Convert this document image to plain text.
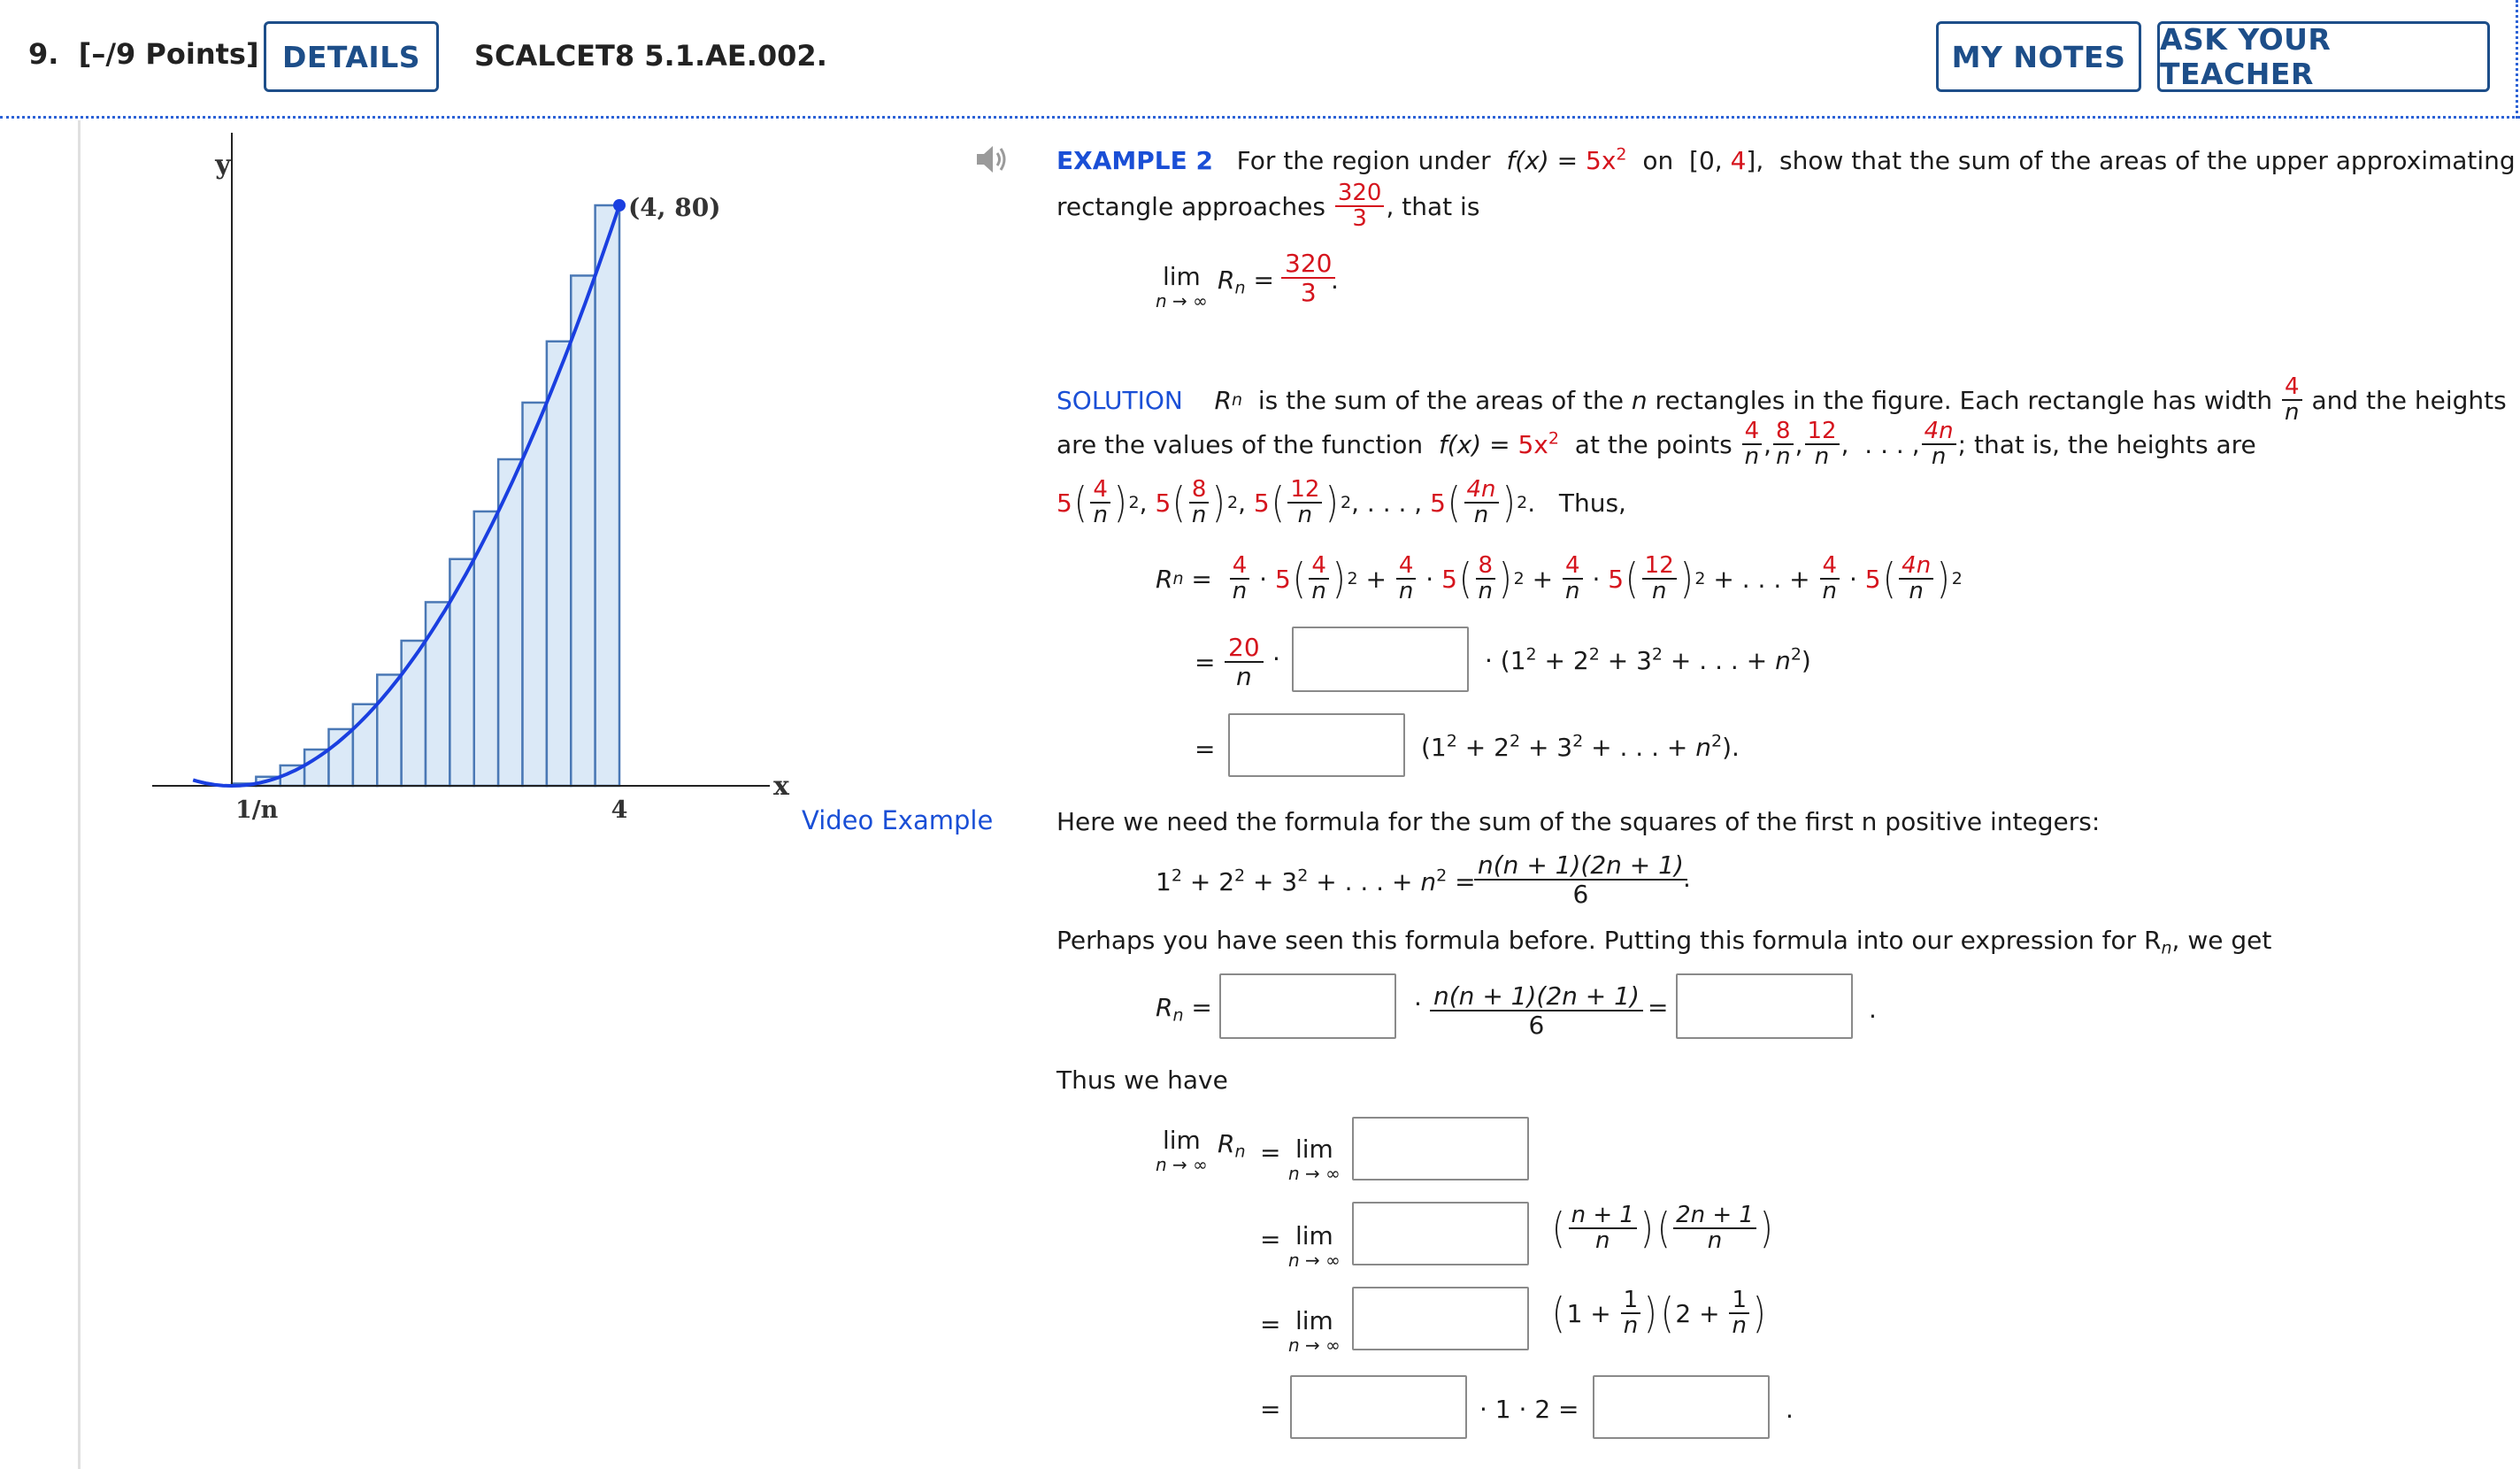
9. [–/9 Points] DETAILS	SCALCET8 5.1.AE.002.	MY NOTES	ASK YOUR TEACHER
y
x
(4, 80)
1/n	4	Video Example
EXAMPLE 2 For the region under $f(x) = 5x^2$ on [0, 4], show that the sum of the areas of the upper approximating
rectangle approaches
$\frac{320}{3}$ , that is
lim
n → ∞
$R_n = \frac{320}{3}$
.
SOLUTION
R n
is the sum of the areas of the
n
rectangles in the figure. Each rectangle has width
$\frac{4}{n}$
and the heights
are the values of the function
f(x) =
$5x^2$
at the points
$\frac{4}{n}$ , $\frac{8}{n}$ , $\frac{12}{n}$ , . . . , $\frac{4n}{n}$ ; that is, the heights are
5 ( $\frac{4}{n}$ ) 2 , 5 ( $\frac{8}{n}$ ) 2 , 5 ( $\frac{12}{n}$ ) 2 , . . . , 5 ( $\frac{4n}{n}$ ) 2 . Thus,
R $n = \frac{4}{n} \cdot 5$ ( $\frac{4}{n}$ ) $2 + \frac{4}{n} \cdot 5$ ( $\frac{8}{n}$ ) $2 + \frac{4}{n} \cdot 5$ ( $\frac{12}{n}$ ) 2
+ . . . +
$\frac{4}{n} \cdot 5$ ( $\frac{4n}{n}$ ) 2
= $\frac{20}{n}$ ·	· ($1^2 + 2^2 + 3^2$ + . . . + $n^2$)
=	($1^2 + 2^2 + 3^2$ + . . . + $n^2$).
Here we need the formula for the sum of the squares of the first n positive integers:
$1^2 + 2^2 + 3^2$ + . . . + $n^2$ =
$\frac{n(n + 1)(2n + 1)}{6}$
.
Perhaps you have seen this formula before. Putting this formula into our expression for $R_n$, we get
$R_n$ =	· $\frac{n(n + 1)(2n + 1)}{6}$ =	.
Thus we have
lim
n → ∞
$R_n = \lim$
n → ∞
= lim
n → ∞
( $\frac{n + 1}{n}$ ) ( $\frac{2n + 1}{n}$ )
= lim
n → ∞
( 1 +
$\frac{1}{n}$ ) ( 2 +
$\frac{1}{n}$ )
=	· 1 · 2 =	.
